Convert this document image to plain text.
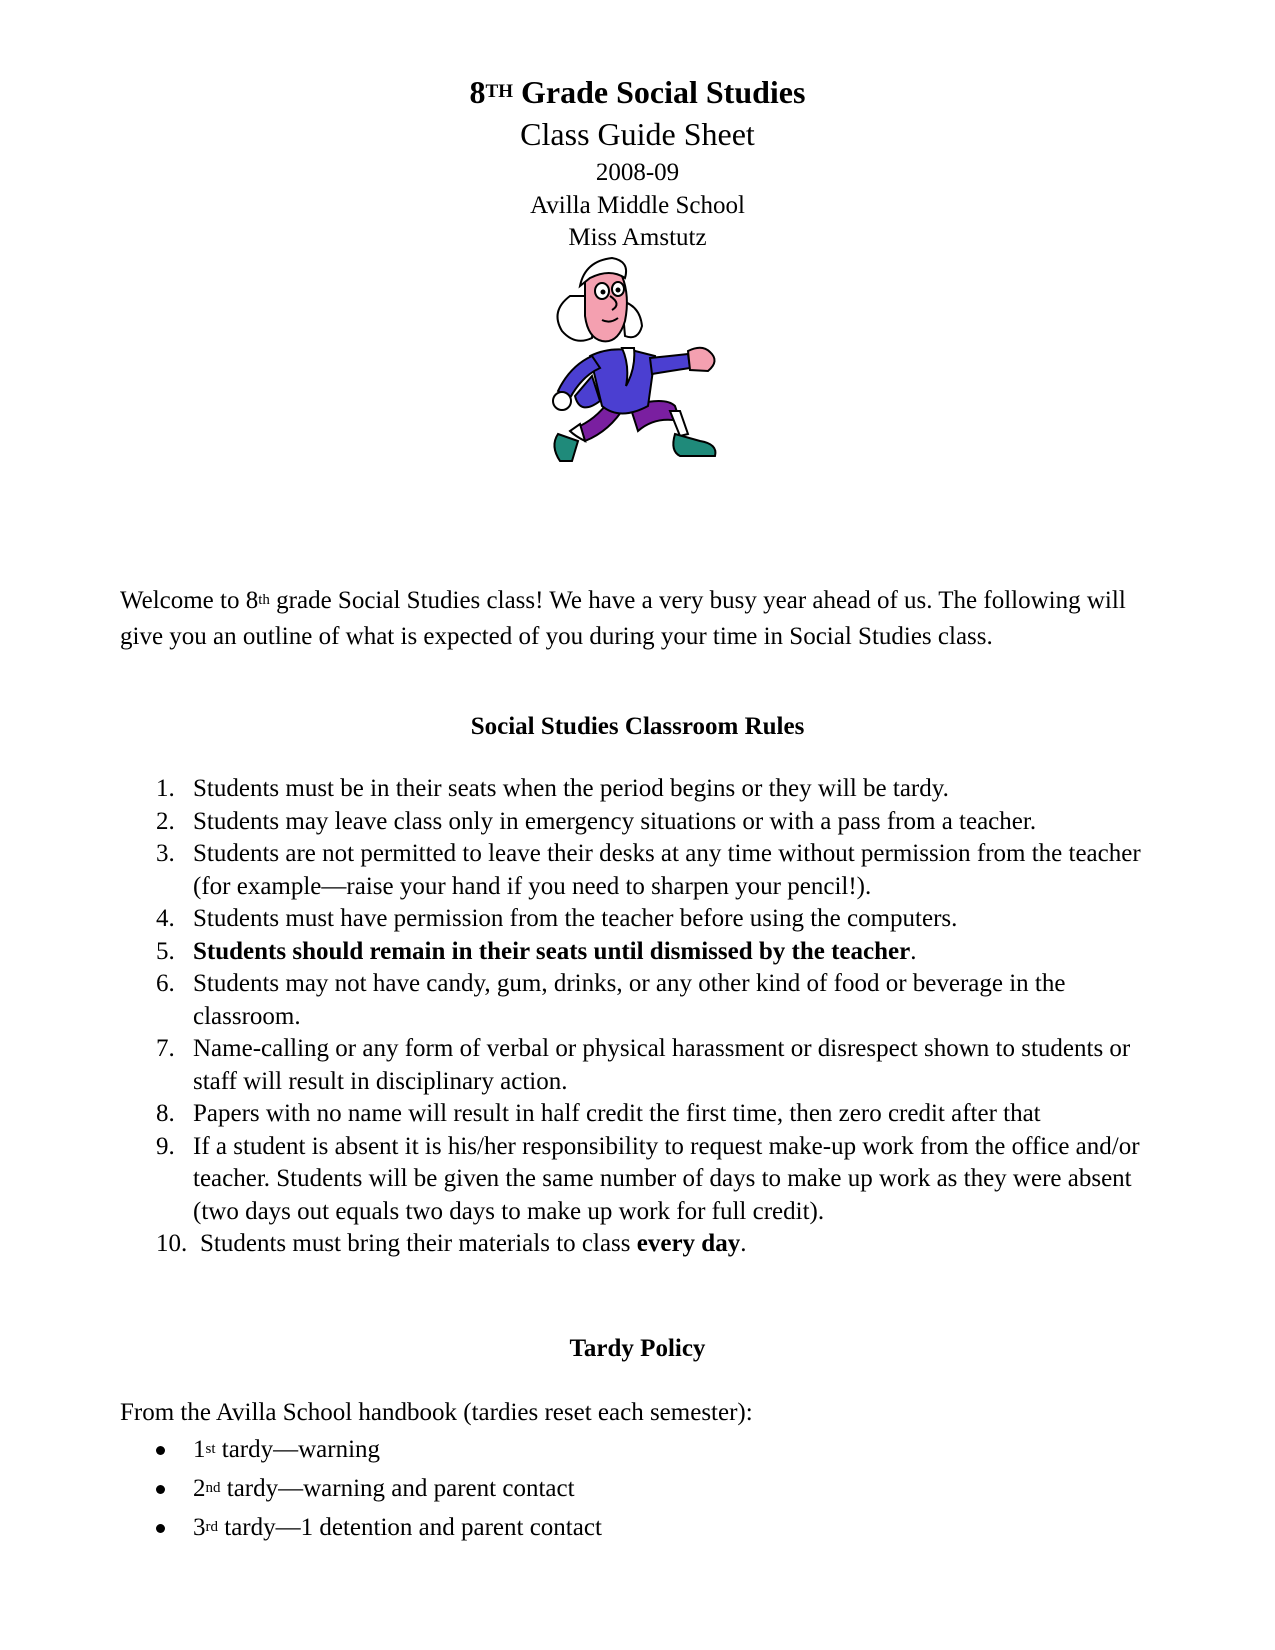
8TH Grade Social Studies
Class Guide Sheet
2008-09
Avilla Middle School
Miss Amstutz
Welcome to 8th grade Social Studies class! We have a very busy year ahead of us. The following will give you an outline of what is expected of you during your time in Social Studies class.
Social Studies Classroom Rules
1. Students must be in their seats when the period begins or they will be tardy.
2. Students may leave class only in emergency situations or with a pass from a teacher.
3. Students are not permitted to leave their desks at any time without permission from the teacher (for example—raise your hand if you need to sharpen your pencil!).
4. Students must have permission from the teacher before using the computers.
5. Students should remain in their seats until dismissed by the teacher.
6. Students may not have candy, gum, drinks, or any other kind of food or beverage in the classroom.
7. Name-calling or any form of verbal or physical harassment or disrespect shown to students or staff will result in disciplinary action.
8. Papers with no name will result in half credit the first time, then zero credit after that
9. If a student is absent it is his/her responsibility to request make-up work from the office and/or teacher. Students will be given the same number of days to make up work as they were absent (two days out equals two days to make up work for full credit).
10. Students must bring their materials to class every day.
Tardy Policy
From the Avilla School handbook (tardies reset each semester):
1st tardy—warning
2nd tardy—warning and parent contact
3rd tardy—1 detention and parent contact
